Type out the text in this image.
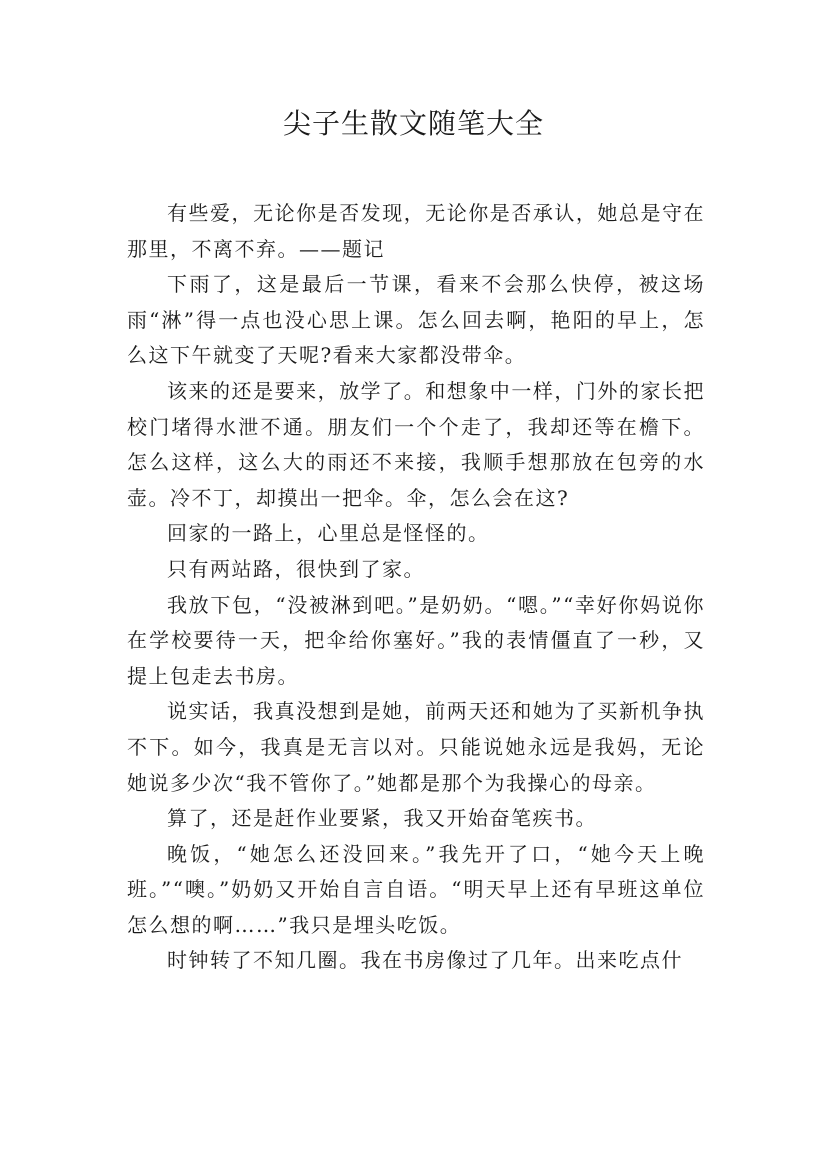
尖子生散文随笔大全

有些爱，无论你是否发现，无论你是否承认，她总是守在那里，不离不弃。——题记

下雨了，这是最后一节课，看来不会那么快停，被这场雨“淋”得一点也没心思上课。怎么回去啊，艳阳的早上，怎么这下午就变了天呢?看来大家都没带伞。

该来的还是要来，放学了。和想象中一样，门外的家长把校门堵得水泄不通。朋友们一个个走了，我却还等在檐下。怎么这样，这么大的雨还不来接，我顺手想那放在包旁的水壶。冷不丁，却摸出一把伞。伞，怎么会在这?

回家的一路上，心里总是怪怪的。

只有两站路，很快到了家。

我放下包，“没被淋到吧。”是奶奶。“嗯。”“幸好你妈说你在学校要待一天，把伞给你塞好。”我的表情僵直了一秒，又提上包走去书房。

说实话，我真没想到是她，前两天还和她为了买新机争执不下。如今，我真是无言以对。只能说她永远是我妈，无论她说多少次“我不管你了。”她都是那个为我操心的母亲。

算了，还是赶作业要紧，我又开始奋笔疾书。

晚饭，“她怎么还没回来。”我先开了口，“她今天上晚班。”“噢。”奶奶又开始自言自语。“明天早上还有早班这单位怎么想的啊……”我只是埋头吃饭。

时钟转了不知几圈。我在书房像过了几年。出来吃点什
